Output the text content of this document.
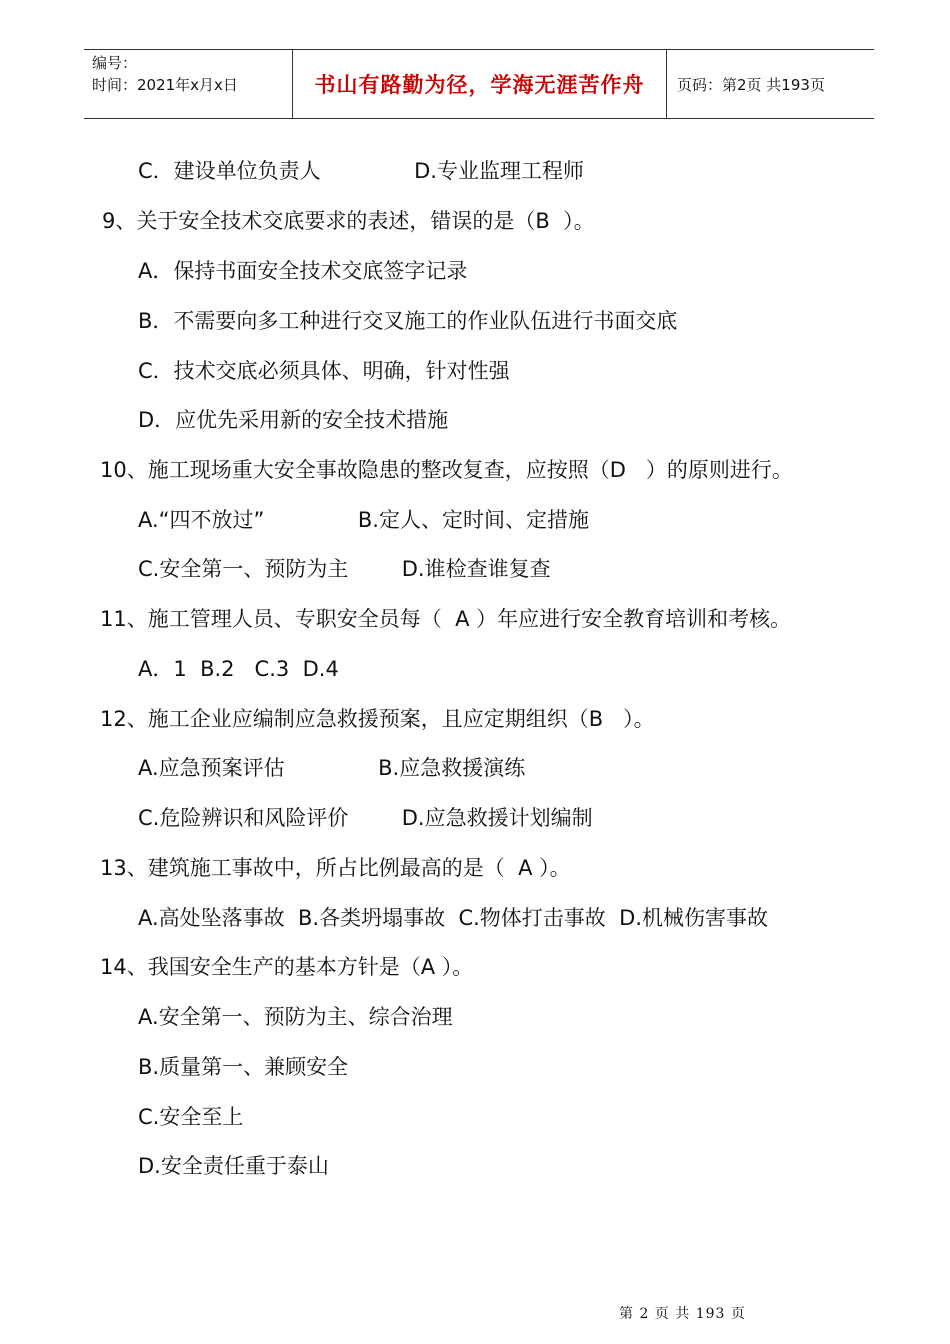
编号：
时间：2021年x月x日	书山有路勤为径，学海无涯苦作舟 页码：第2页 共193页
C．建设单位负责人              D.专业监理工程师
9、关于安全技术交底要求的表述，错误的是（B  ）。
A．保持书面安全技术交底签字记录
B．不需要向多工种进行交叉施工的作业队伍进行书面交底
C．技术交底必须具体、明确，针对性强
D．应优先采用新的安全技术措施
10、施工现场重大安全事故隐患的整改复查，应按照（D   ）的原则进行。
A.“四不放过”              B.定人、定时间、定措施
C.安全第一、预防为主        D.谁检查谁复查
11、施工管理人员、专职安全员每（  A ）年应进行安全教育培训和考核。
A．1  B.2   C.3  D.4
12、施工企业应编制应急救援预案，且应定期组织（B   ）。
A.应急预案评估              B.应急救援演练
C.危险辨识和风险评价        D.应急救援计划编制
13、建筑施工事故中，所占比例最高的是（  A ）。
A.高处坠落事故  B.各类坍塌事故  C.物体打击事故  D.机械伤害事故
14、我国安全生产的基本方针是（A ）。
A.安全第一、预防为主、综合治理
B.质量第一、兼顾安全
C.安全至上
D.安全责任重于泰山
第 2 页 共 193 页
